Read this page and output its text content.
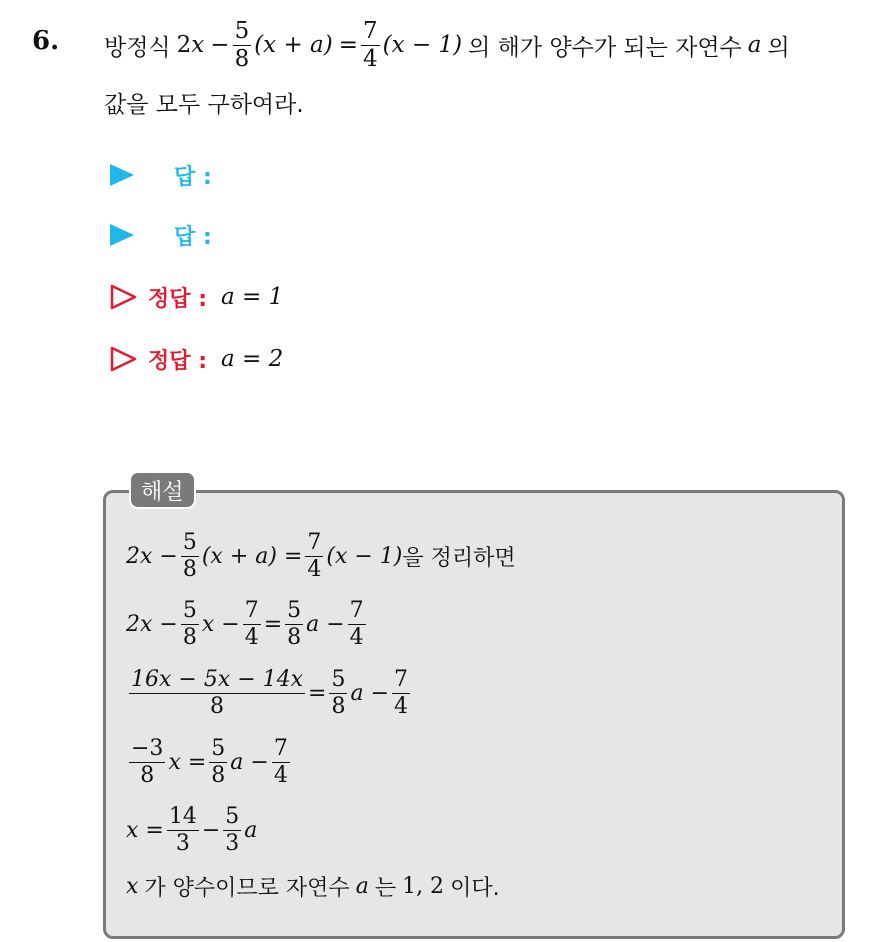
6. 방정식 2 $x - \frac{5}{8} (x + a) = \frac{7}{4} (x - 1)$ 의 해가 양수가 되는 자연수 a 의
값을 모두 구하여라.
답 :
답 :
정답 : a = 1
정답 : a = 2
해설
$2x - \frac{5}{8} (x + a) = \frac{7}{4} (x - 1)$ 을 정리하면
$2x - \frac{5}{8}$ $x - \frac{7}{4} = \frac{5}{8}$ $a - \frac{7}{4}$
$\frac{16x - 5x - 14x}{8} = \frac{5}{8}$ $a - \frac{7}{4}$
$\frac{-3}{8}$ $x = \frac{5}{8}$ $a - \frac{7}{4}$
$x = \frac{14}{3} - \frac{5}{3}$ a
x 가 양수이므로 자연수 a 는 1, 2 이다.
